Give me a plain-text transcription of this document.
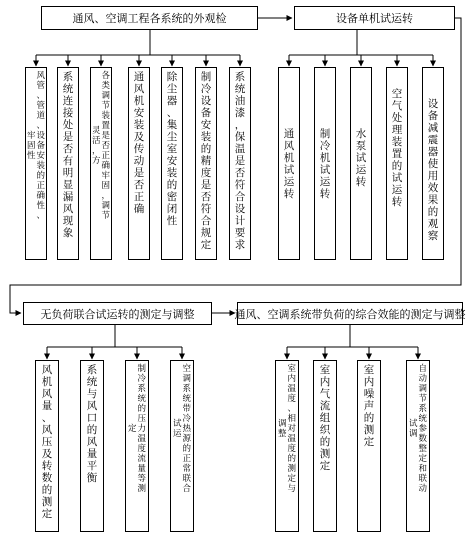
通风、空调工程各系统的外观检	设备单机试运转
风
管
、
管
道
、
设
备
安
装
的
正
确
性
、
牢
固
性
系
统
连
接
处
是
否
有
明
显
漏
风
现
象
各
类
调
节
装
置
是
否
正
确
牢
固
，
调
节
灵
活
，
方
通
风
机
安
装
及
传
动
是
否
正
确
除
尘
器
、
集
尘
室
安
装
的
密
闭
性
制
冷
设
备
安
装
的
精
度
是
否
符
合
规
定
系
统
油
漆
，
保
温
是
否
符
合
设
计
要
求
通
风
机
试
运
转
制
冷
机
试
运
转
水
泵
试
运
转
空
气
处
理
装
置
的
试
运
转
设
备
减
震
器
使
用
效
果
的
观
察
无负荷联合试运转的测定与调整	通风、空调系统带负荷的综合效能的测定与调整
风
机
风
量
、
风
压
及
转
数
的
测
定
系
统
与
风
口
的
风
量
平
衡
制
冷
系
统
的
压
力
温
度
流
量
等
测
定
空
调
系
统
带
冷
热
源
的
正
常
联
合
试
运
室
内
温
度
、
相
对
温
度
的
测
定
与
调
整
室
内
气
流
组
织
的
测
定
室
内
噪
声
的
测
定
自
动
调
节
系
统
参
数
整
定
和
联
动
试
调
